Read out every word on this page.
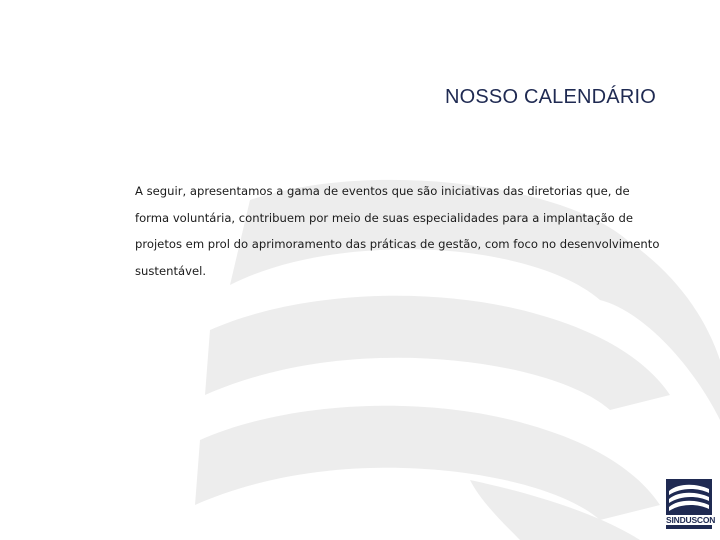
NOSSO CALENDÁRIO

A seguir, apresentamos a gama de eventos que são iniciativas das diretorias que, de forma voluntária, contribuem por meio de suas especialidades para a implantação de projetos em prol do aprimoramento das práticas de gestão, com foco no desenvolvimento sustentável.

SINDUSCON
